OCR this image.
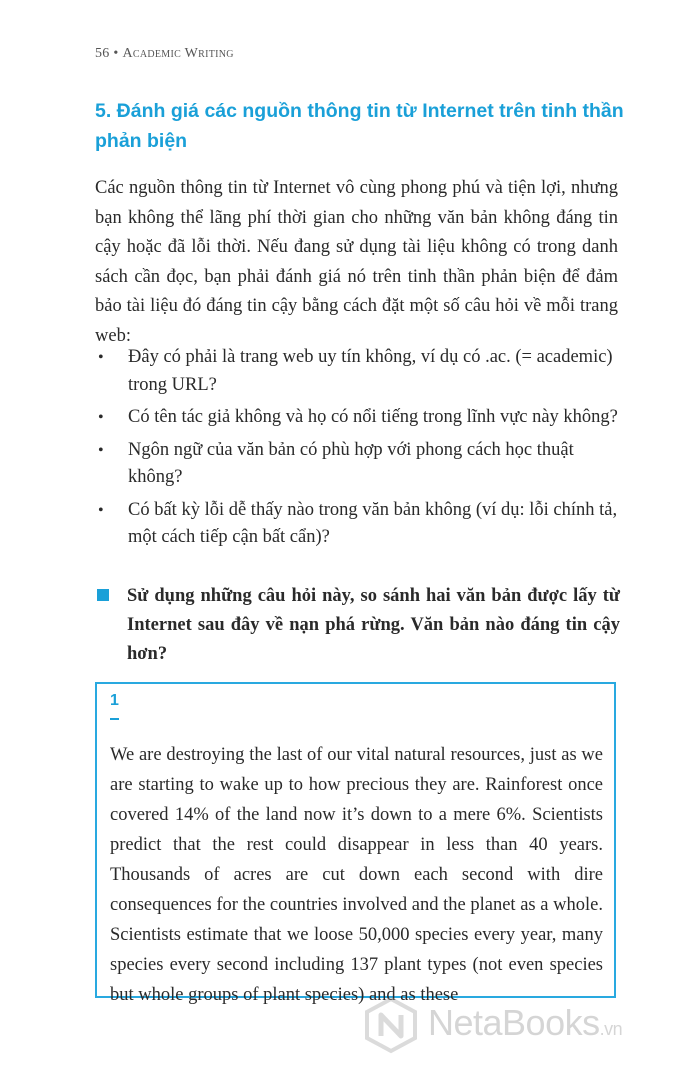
56 • Academic Writing
5. Đánh giá các nguồn thông tin từ Internet trên tinh thần phản biện

Các nguồn thông tin từ Internet vô cùng phong phú và tiện lợi, nhưng bạn không thể lãng phí thời gian cho những văn bản không đáng tin cậy hoặc đã lỗi thời. Nếu đang sử dụng tài liệu không có trong danh sách cần đọc, bạn phải đánh giá nó trên tinh thần phản biện để đảm bảo tài liệu đó đáng tin cậy bằng cách đặt một số câu hỏi về mỗi trang web:

• Đây có phải là trang web uy tín không, ví dụ có .ac. (= academic) trong URL?
• Có tên tác giả không và họ có nổi tiếng trong lĩnh vực này không?
• Ngôn ngữ của văn bản có phù hợp với phong cách học thuật không?
• Có bất kỳ lỗi dễ thấy nào trong văn bản không (ví dụ: lỗi chính tả, một cách tiếp cận bất cẩn)?
Sử dụng những câu hỏi này, so sánh hai văn bản được lấy từ Internet sau đây về nạn phá rừng. Văn bản nào đáng tin cậy hơn?
1

We are destroying the last of our vital natural resources, just as we are starting to wake up to how precious they are. Rainforest once covered 14% of the land now it’s down to a mere 6%. Scientists predict that the rest could disappear in less than 40 years. Thousands of acres are cut down each second with dire consequences for the countries involved and the planet as a whole. Scientists estimate that we loose 50,000 species every year, many species every second including 137 plant types (not even species but whole groups of plant species) and as these

NetaBooks.vn
